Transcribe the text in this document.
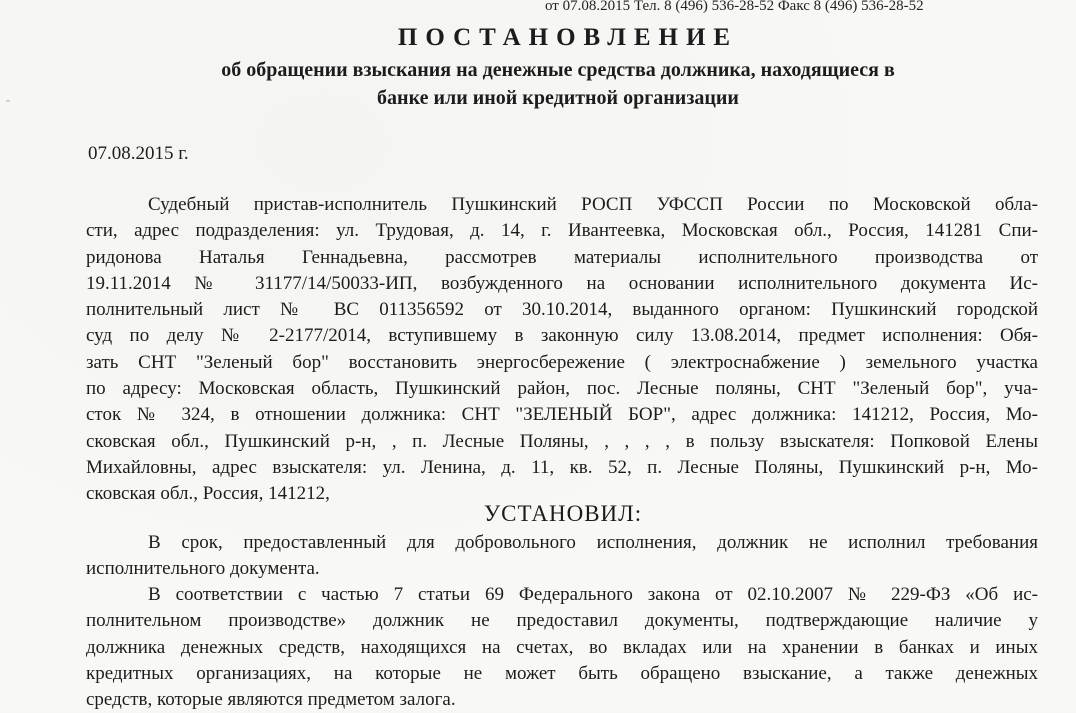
от 07.08.2015 Тел. 8 (496) 536-28-52 Факс 8 (496) 536-28-52
ПОСТАНОВЛЕНИЕ
об обращении взыскания на денежные средства должника, находящиеся в
банке или иной кредитной организации
07.08.2015 г.
Судебный пристав-исполнитель Пушкинский РОСП УФССП России по Московской обла-
сти, адрес подразделения: ул. Трудовая, д. 14, г. Ивантеевка, Московская обл., Россия, 141281 Спи-
ридонова Наталья Геннадьевна, рассмотрев материалы исполнительного производства от
19.11.2014 № 31177/14/50033-ИП, возбужденного на основании исполнительного документа Ис-
полнительный лист № ВС 011356592 от 30.10.2014, выданного органом: Пушкинский городской
суд по делу № 2-2177/2014, вступившему в законную силу 13.08.2014, предмет исполнения: Обя-
зать СНТ "Зеленый бор" восстановить энергосбережение ( электроснабжение ) земельного участка
по адресу: Московская область, Пушкинский район, пос. Лесные поляны, СНТ "Зеленый бор", уча-
сток № 324, в отношении должника: СНТ "ЗЕЛЕНЫЙ БОР", адрес должника: 141212, Россия, Мо-
сковская обл., Пушкинский р-н, , п. Лесные Поляны, , , , , в пользу взыскателя: Попковой Елены
Михайловны, адрес взыскателя: ул. Ленина, д. 11, кв. 52, п. Лесные Поляны, Пушкинский р-н, Мо-
сковская обл., Россия, 141212,
УСТАНОВИЛ:
В срок, предоставленный для добровольного исполнения, должник не исполнил требования
исполнительного документа.
В соответствии с частью 7 статьи 69 Федерального закона от 02.10.2007 № 229-ФЗ «Об ис-
полнительном производстве» должник не предоставил документы, подтверждающие наличие у
должника денежных средств, находящихся на счетах, во вкладах или на хранении в банках и иных
кредитных организациях, на которые не может быть обращено взыскание, а также денежных
средств, которые являются предметом залога.
